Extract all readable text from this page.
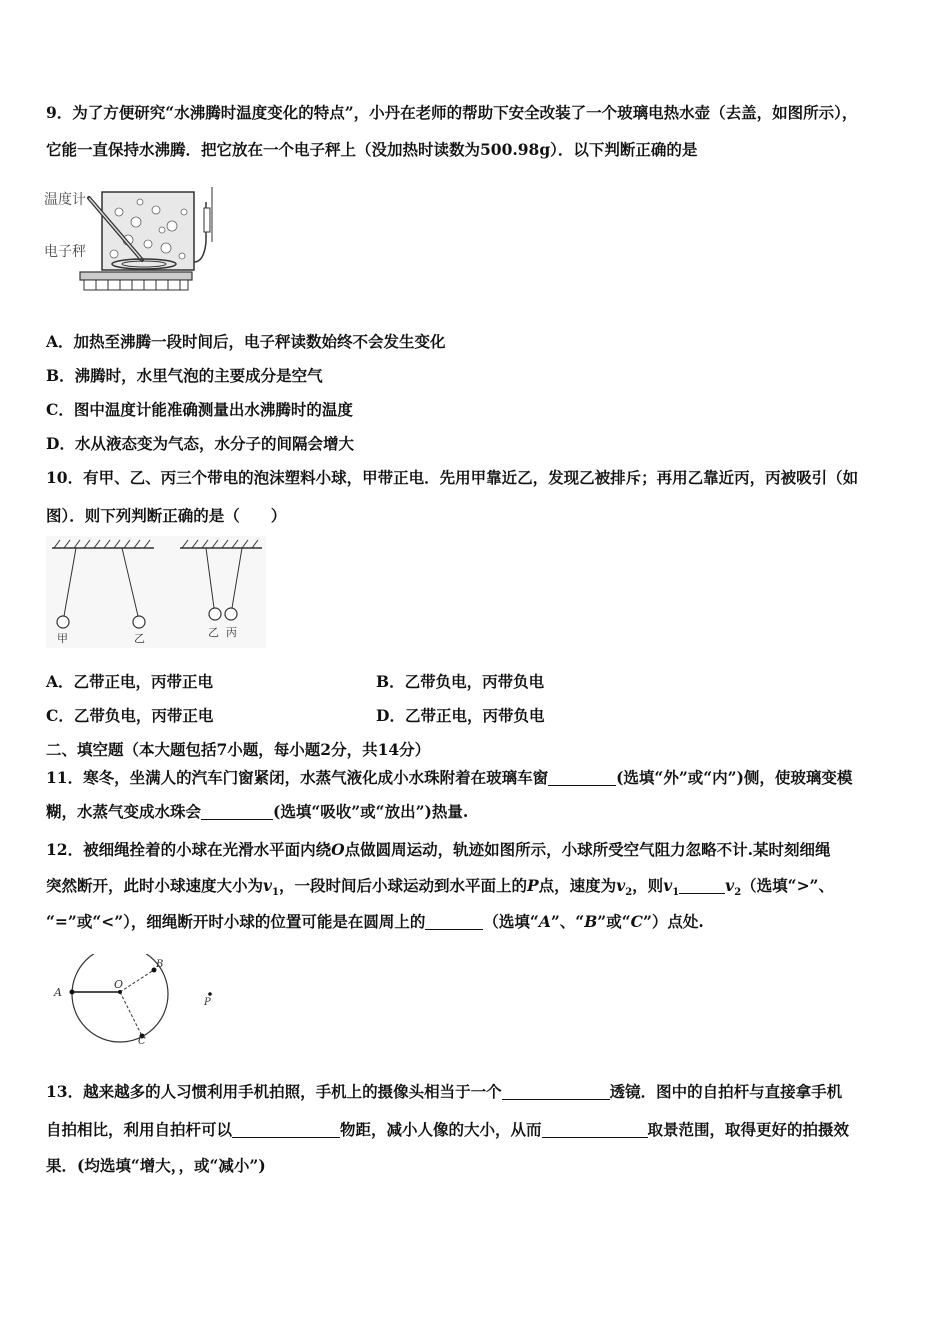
9．为了方便研究“水沸腾时温度变化的特点”，小丹在老师的帮助下安全改装了一个玻璃电热水壶（去盖，如图所示），
它能一直保持水沸腾．把它放在一个电子秤上（没加热时读数为500.98g）．以下判断正确的是
温度计
电子秤
A．加热至沸腾一段时间后，电子秤读数始终不会发生变化
B．沸腾时，水里气泡的主要成分是空气
C．图中温度计能准确测量出水沸腾时的温度
D．水从液态变为气态，水分子的间隔会增大
10．有甲、乙、丙三个带电的泡沫塑料小球，甲带正电．先用甲靠近乙，发现乙被排斥；再用乙靠近丙，丙被吸引（如
图）．则下列判断正确的是（　　）
甲	乙	乙 丙
A．乙带正电，丙带正电	B．乙带负电，丙带负电
C．乙带负电，丙带正电	D．乙带正电，丙带负电
二、填空题（本大题包括7小题，每小题2分，共14分）
11．寒冬，坐满人的汽车门窗紧闭，水蒸气液化成小水珠附着在玻璃车窗	(选填“外”或“内”)侧，使玻璃变模
糊，水蒸气变成水珠会	(选填“吸收”或“放出”)热量.
12．被细绳拴着的小球在光滑水平面内绕O点做圆周运动，轨迹如图所示，小球所受空气阻力忽略不计.某时刻细绳
突然断开，此时小球速度大小为$v_1$，一段时间后小球运动到水平面上的P点，速度为$v_2$，则$v_1$	$v_2$（选填“>”、
“=”或“<”），细绳断开时小球的位置可能是在圆周上的	（选填“A”、“B”或“C”）点处.
A
O
B
C
P
13．越来越多的人习惯利用手机拍照，手机上的摄像头相当于一个	透镜．图中的自拍杆与直接拿手机
自拍相比，利用自拍杆可以	物距，减小人像的大小，从而	取景范围，取得更好的拍摄效
果．(均选填“增大，，或“减小”)
